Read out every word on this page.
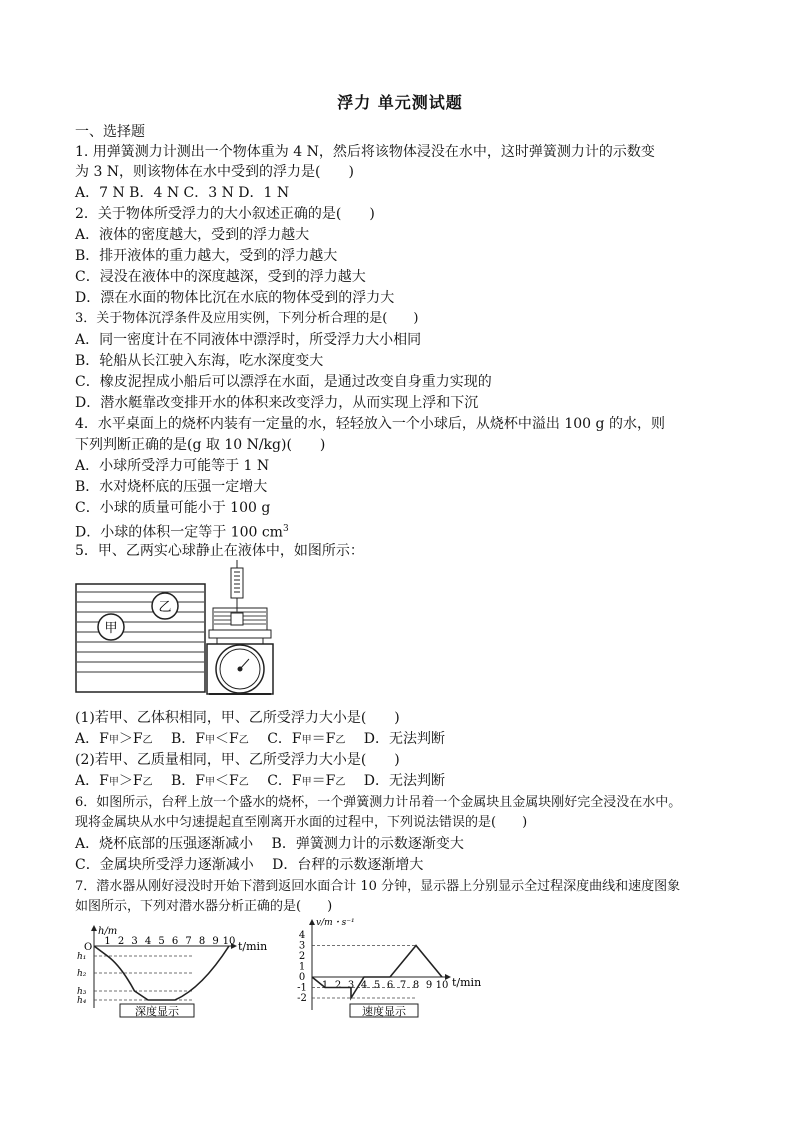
浮力 单元测试题
一、选择题
1. 用弹簧测力计测出一个物体重为 4 N，然后将该物体浸没在水中，这时弹簧测力计的示数变
为 3 N，则该物体在水中受到的浮力是(　　)
A．7 N B．4 N C．3 N D．1 N
2．关于物体所受浮力的大小叙述正确的是(　　)
A．液体的密度越大，受到的浮力越大
B．排开液体的重力越大，受到的浮力越大
C．浸没在液体中的深度越深，受到的浮力越大
D．漂在水面的物体比沉在水底的物体受到的浮力大
3．关于物体沉浮条件及应用实例，下列分析合理的是(　　)
A．同一密度计在不同液体中漂浮时，所受浮力大小相同
B．轮船从长江驶入东海，吃水深度变大
C．橡皮泥捏成小船后可以漂浮在水面，是通过改变自身重力实现的
D．潜水艇靠改变排开水的体积来改变浮力，从而实现上浮和下沉
4．水平桌面上的烧杯内装有一定量的水，轻轻放入一个小球后，从烧杯中溢出 100 g 的水，则
下列判断正确的是(g 取 10 N/kg)(　　)
A．小球所受浮力可能等于 1 N
B．水对烧杯底的压强一定增大
C．小球的质量可能小于 100 g
D．小球的体积一定等于 100 $cm^3$
5．甲、乙两实心球静止在液体中，如图所示：
乙
甲
(1)若甲、乙体积相同，甲、乙所受浮力大小是(　　)
A．F甲＞F乙　 B．F甲＜F乙　 C．F甲＝F乙　 D．无法判断
(2)若甲、乙质量相同，甲、乙所受浮力大小是(　　)
A．F甲＞F乙　 B．F甲＜F乙　 C．F甲＝F乙　 D．无法判断
6．如图所示，台秤上放一个盛水的烧杯，一个弹簧测力计吊着一个金属块且金属块刚好完全浸没在水中。
现将金属块从水中匀速提起直至刚离开水面的过程中，下列说法错误的是(　　)
A．烧杯底部的压强逐渐减小　 B．弹簧测力计的示数逐渐变大
C．金属块所受浮力逐渐减小　 D．台秤的示数逐渐增大
7．潜水器从刚好浸没时开始下潜到返回水面合计 10 分钟，显示器上分别显示全过程深度曲线和速度图象
如图所示，下列对潜水器分析正确的是(　　)
h/m
t/min
O
1 2 3 4 5 6 7 8 9 10
h₁
h₂
h₃
h₄
深度显示
v/m・s⁻¹
t/min
4
3
2
1
0
-1
-2
1 2 3 4 5 6 7 8 9 10
速度显示
